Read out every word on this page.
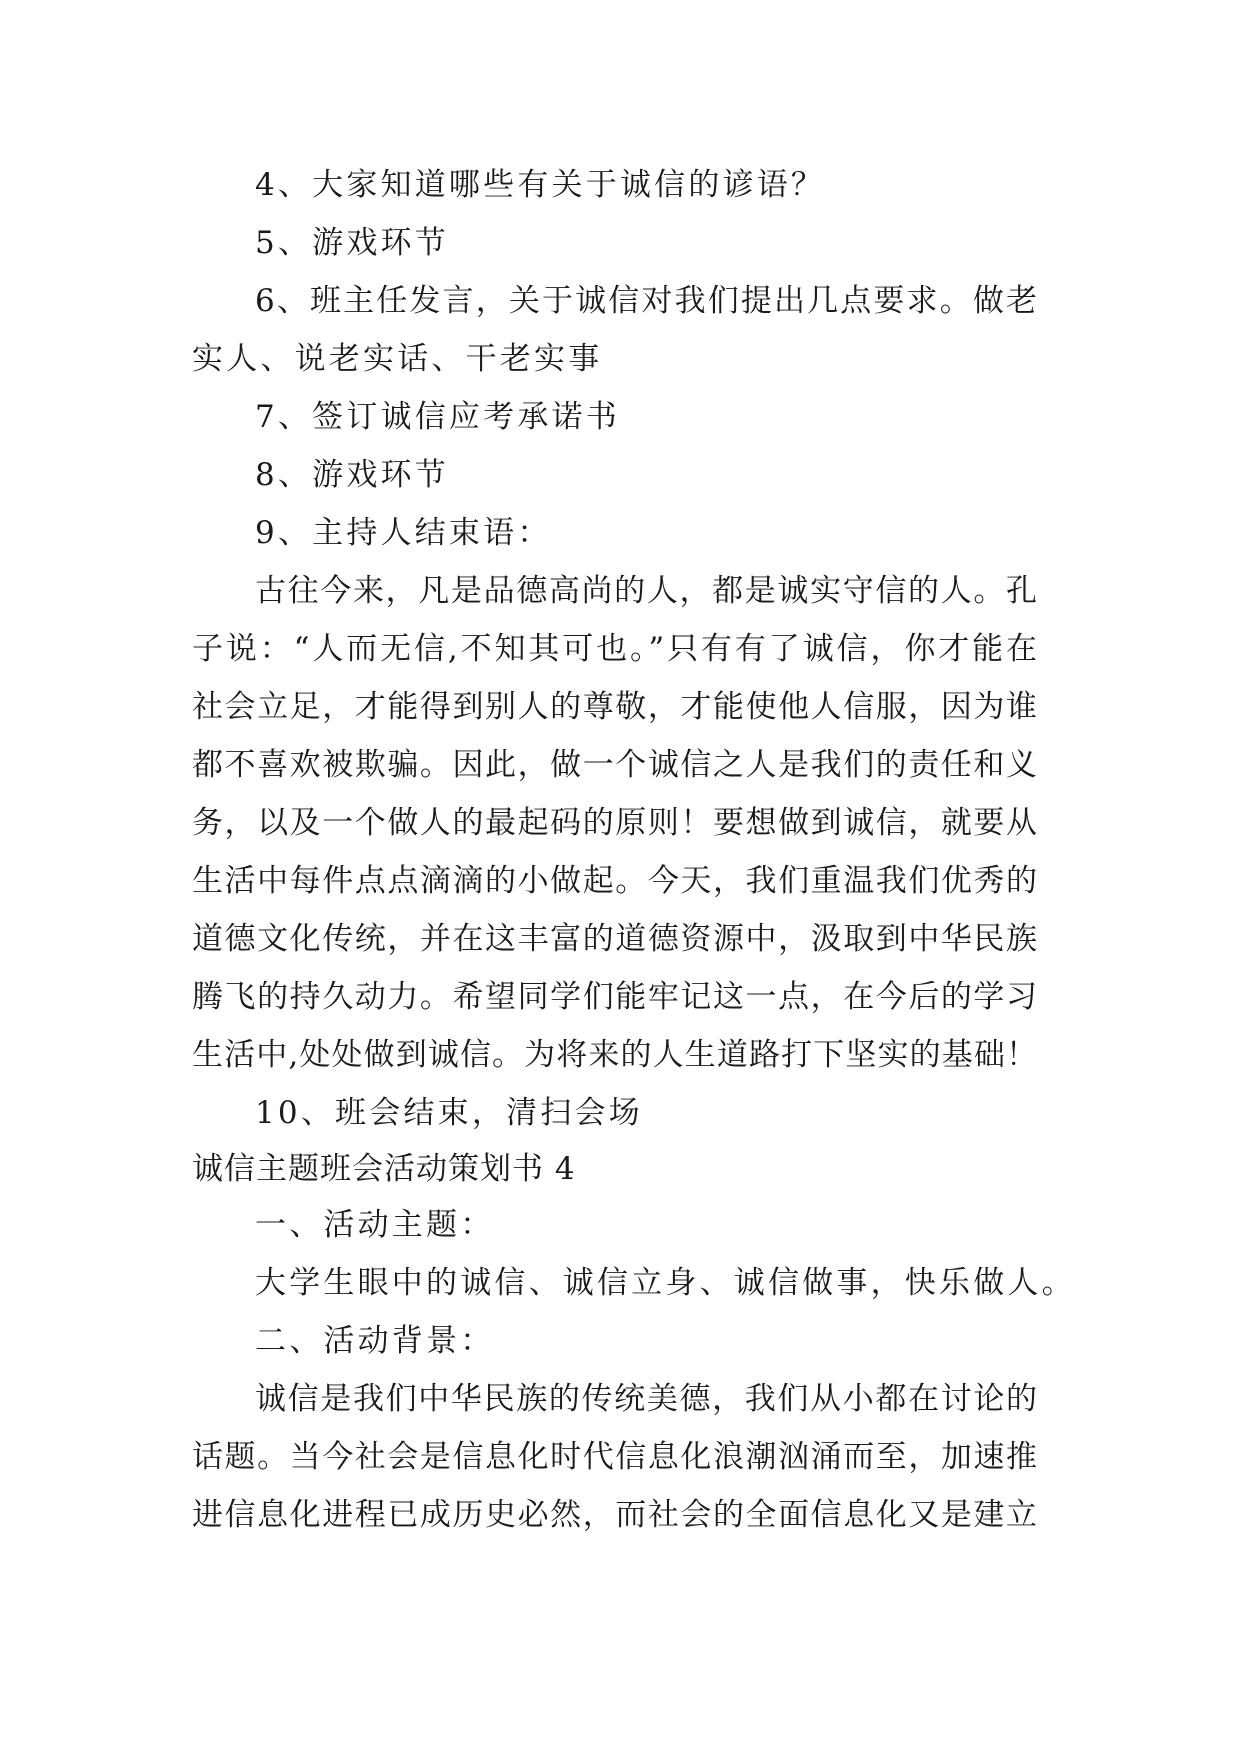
4、大家知道哪些有关于诚信的谚语？
5、游戏环节
6、班主任发言，关于诚信对我们提出几点要求。做老
实人、说老实话、干老实事
7、签订诚信应考承诺书
8、游戏环节
9、主持人结束语：
古往今来，凡是品德高尚的人，都是诚实守信的人。孔
子说：“人而无信,不知其可也。”只有有了诚信，你才能在
社会立足，才能得到别人的尊敬，才能使他人信服，因为谁
都不喜欢被欺骗。因此，做一个诚信之人是我们的责任和义
务，以及一个做人的最起码的原则！要想做到诚信，就要从
生活中每件点点滴滴的小做起。今天，我们重温我们优秀的
道德文化传统，并在这丰富的道德资源中，汲取到中华民族
腾飞的持久动力。希望同学们能牢记这一点，在今后的学习
生活中,处处做到诚信。为将来的人生道路打下坚实的基础！
10、班会结束，清扫会场
诚信主题班会活动策划书 4
一、活动主题：
大学生眼中的诚信、诚信立身、诚信做事，快乐做人。
二、活动背景：
诚信是我们中华民族的传统美德，我们从小都在讨论的
话题。当今社会是信息化时代信息化浪潮汹涌而至，加速推
进信息化进程已成历史必然，而社会的全面信息化又是建立
